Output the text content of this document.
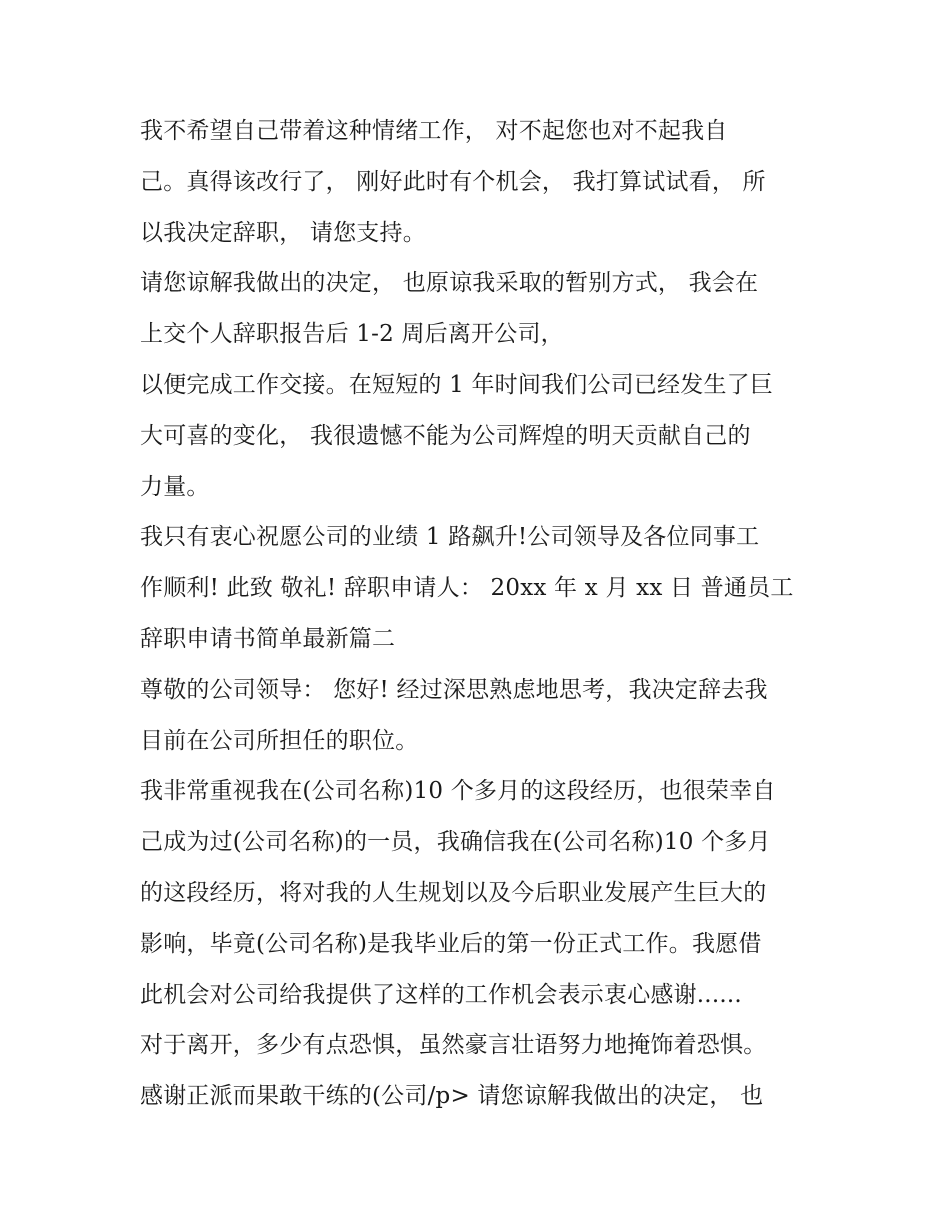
我不希望自己带着这种情绪工作， 对不起您也对不起我自
己。真得该改行了， 刚好此时有个机会， 我打算试试看， 所
以我决定辞职， 请您支持。
请您谅解我做出的决定， 也原谅我采取的暂别方式， 我会在
上交个人辞职报告后 1-2 周后离开公司，
以便完成工作交接。在短短的 1 年时间我们公司已经发生了巨
大可喜的变化， 我很遗憾不能为公司辉煌的明天贡献自己的
力量。
我只有衷心祝愿公司的业绩 1 路飙升!公司领导及各位同事工
作顺利! 此致 敬礼! 辞职申请人： 20xx 年 x 月 xx 日 普通员工
辞职申请书简单最新篇二
尊敬的公司领导： 您好! 经过深思熟虑地思考，我决定辞去我
目前在公司所担任的职位。
我非常重视我在(公司名称)10 个多月的这段经历，也很荣幸自
己成为过(公司名称)的一员，我确信我在(公司名称)10 个多月
的这段经历，将对我的人生规划以及今后职业发展产生巨大的
影响，毕竟(公司名称)是我毕业后的第一份正式工作。我愿借
此机会对公司给我提供了这样的工作机会表示衷心感谢......
对于离开，多少有点恐惧，虽然豪言壮语努力地掩饰着恐惧。
感谢正派而果敢干练的(公司/p> 请您谅解我做出的决定， 也
